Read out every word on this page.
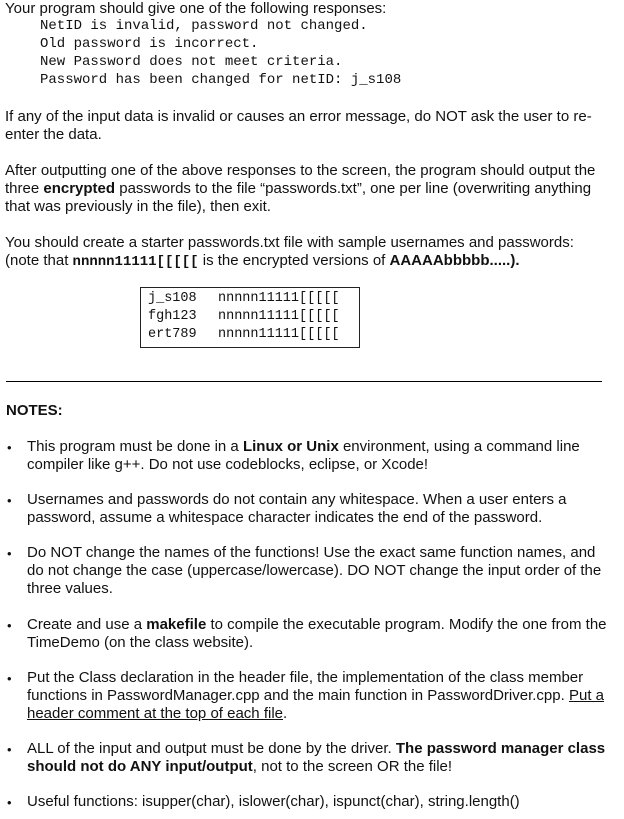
Your program should give one of the following responses:
NetID is invalid, password not changed.
Old password is incorrect.
New Password does not meet criteria.
Password has been changed for netID: j_s108
If any of the input data is invalid or causes an error message, do NOT ask the user to re-enter the data.
After outputting one of the above responses to the screen, the program should output the three encrypted passwords to the file “passwords.txt”, one per line (overwriting anything that was previously in the file), then exit.
You should create a starter passwords.txt file with sample usernames and passwords:
(note that nnnnn11111[[[[[ is the encrypted versions of AAAAAbbbbb.....).
j_s108 nnnnn11111[[[[[
fgh123 nnnnn11111[[[[[
ert789 nnnnn11111[[[[[
NOTES:
• This program must be done in a Linux or Unix environment, using a command line compiler like g++. Do not use codeblocks, eclipse, or Xcode!
• Usernames and passwords do not contain any whitespace. When a user enters a password, assume a whitespace character indicates the end of the password.
• Do NOT change the names of the functions! Use the exact same function names, and do not change the case (uppercase/lowercase). DO NOT change the input order of the three values.
• Create and use a makefile to compile the executable program. Modify the one from the TimeDemo (on the class website).
• Put the Class declaration in the header file, the implementation of the class member functions in PasswordManager.cpp and the main function in PasswordDriver.cpp. Put a header comment at the top of each file.
• ALL of the input and output must be done by the driver. The password manager class should not do ANY input/output, not to the screen OR the file!
• Useful functions: isupper(char), islower(char), ispunct(char), string.length()
